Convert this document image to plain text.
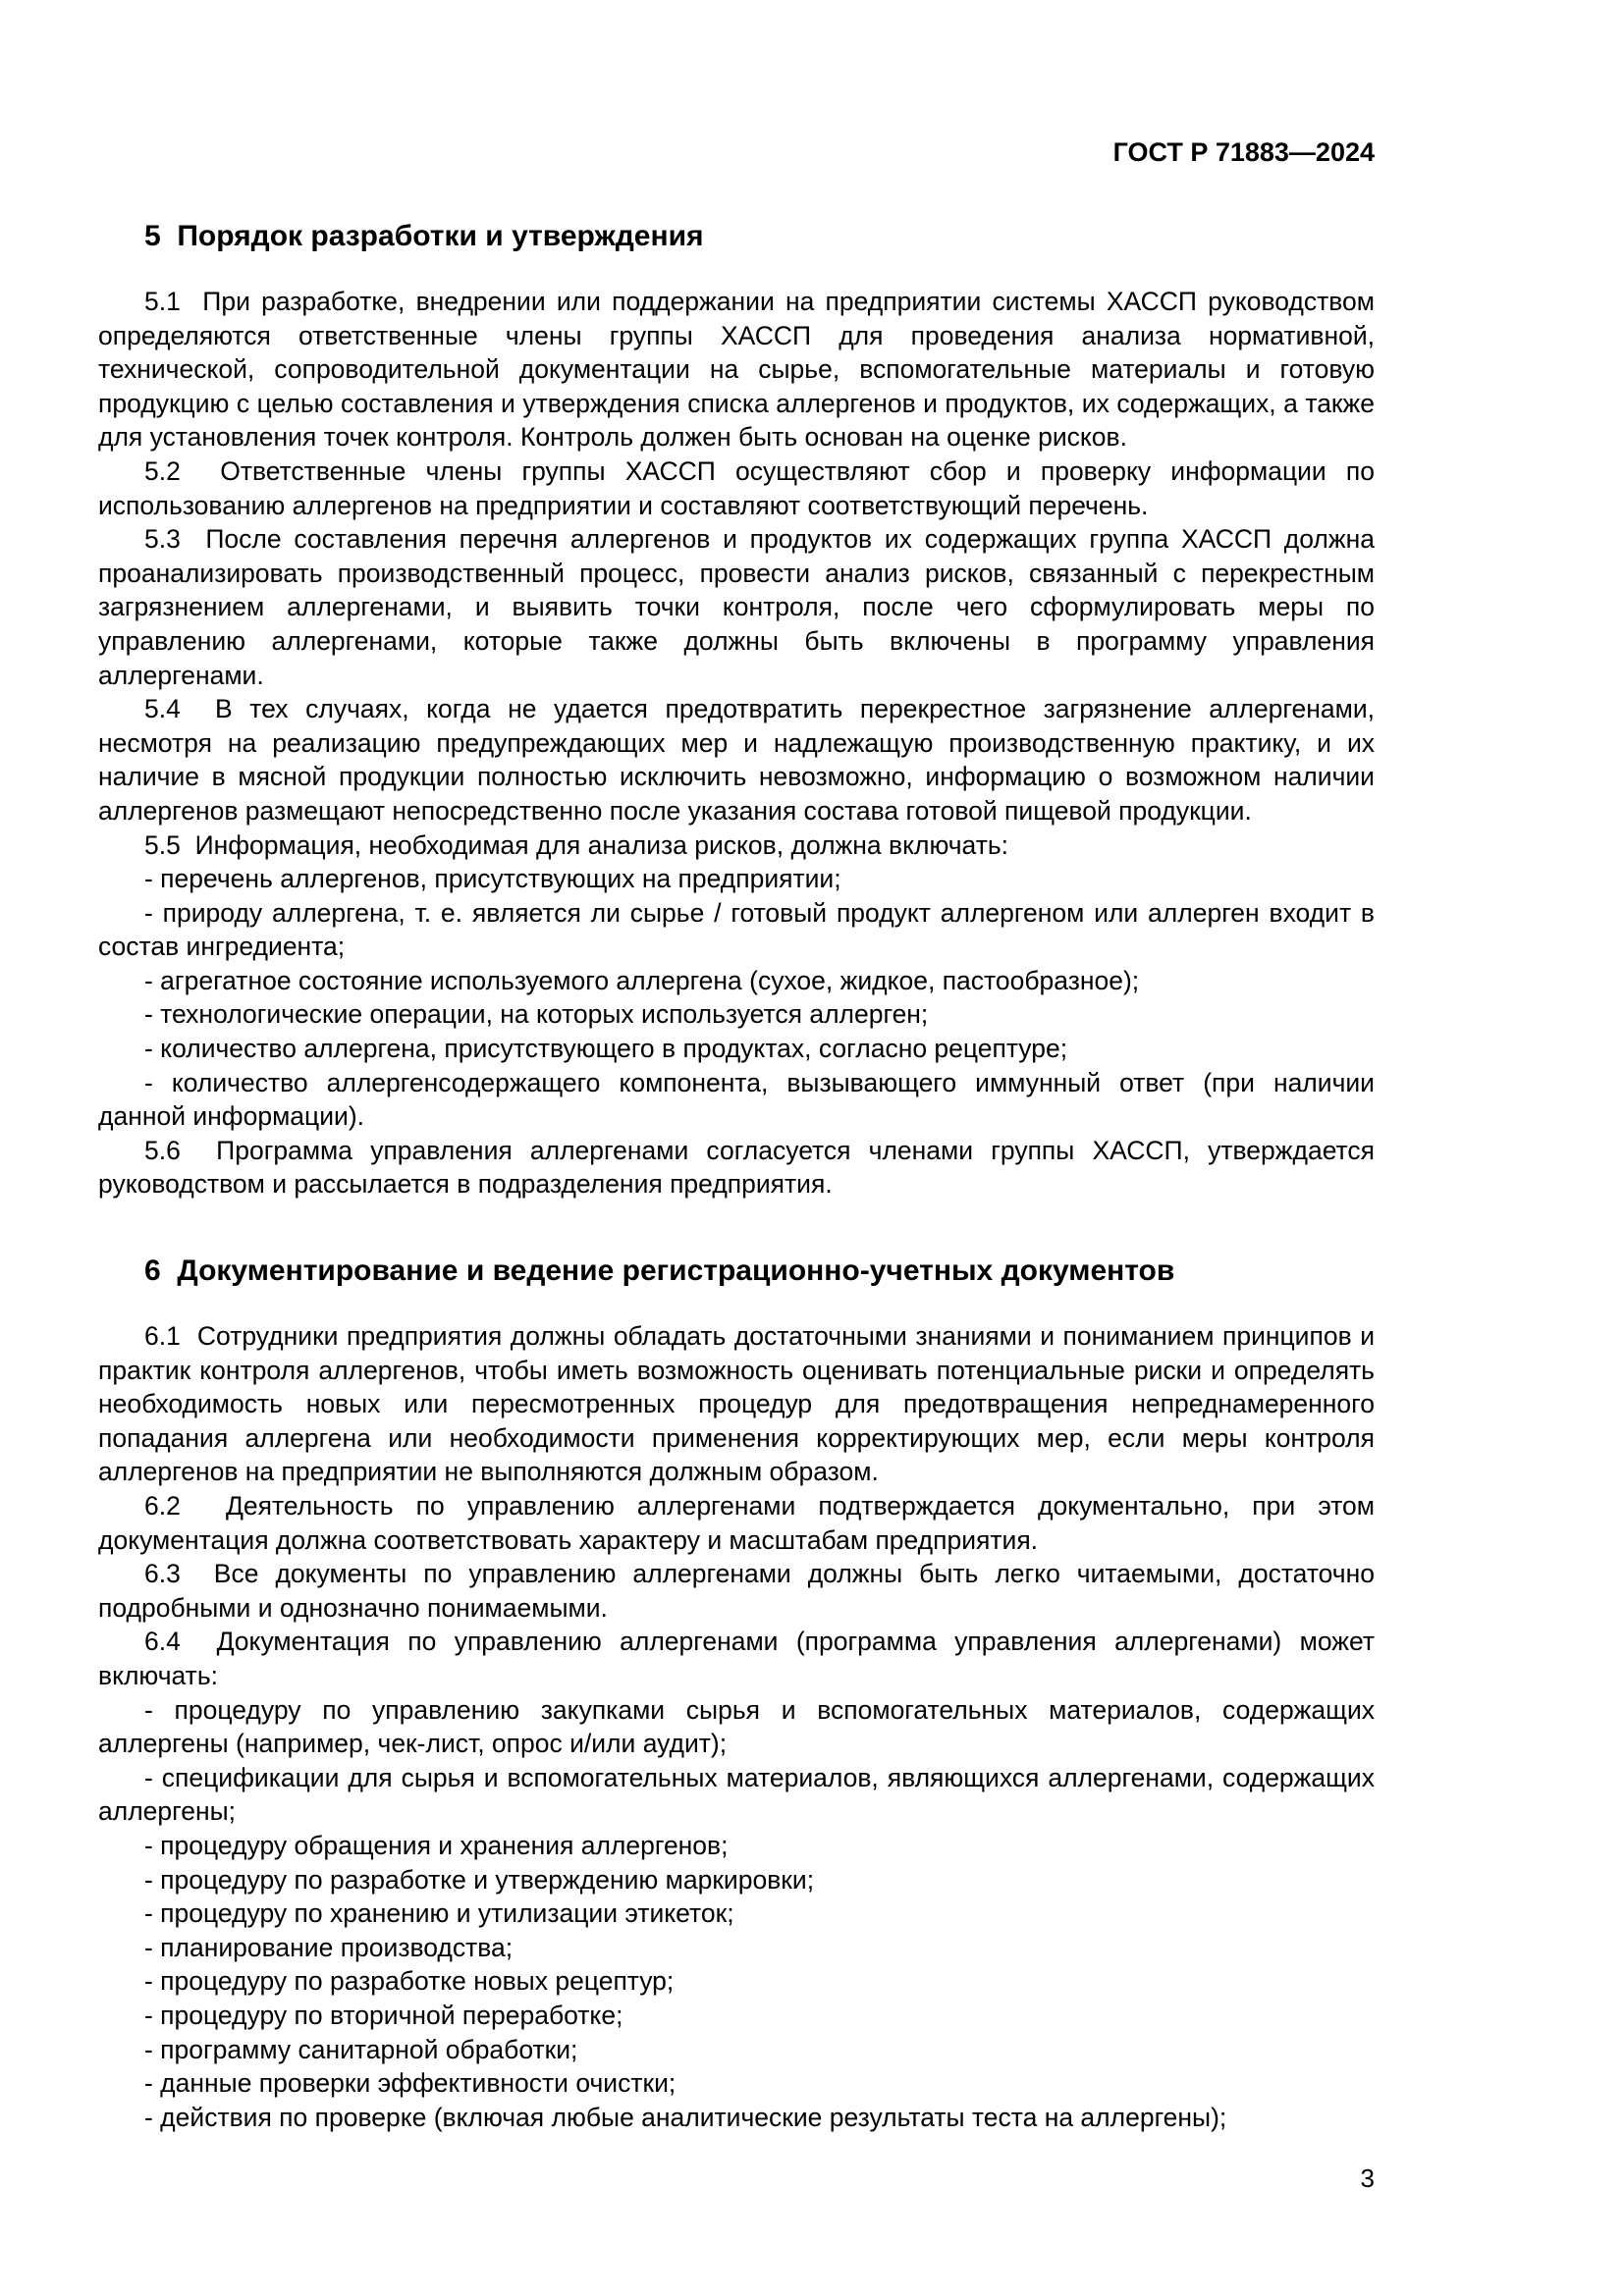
ГОСТ Р 71883—2024
5  Порядок разработки и утверждения

5.1  При разработке, внедрении или поддержании на предприятии системы ХАССП руководством определяются ответственные члены группы ХАССП для проведения анализа нормативной, технической, сопроводительной документации на сырье, вспомогательные материалы и готовую продукцию с целью составления и утверждения списка аллергенов и продуктов, их содержащих, а также для установления точек контроля. Контроль должен быть основан на оценке рисков.

5.2  Ответственные члены группы ХАССП осуществляют сбор и проверку информации по использованию аллергенов на предприятии и составляют соответствующий перечень.

5.3  После составления перечня аллергенов и продуктов их содержащих группа ХАССП должна проанализировать производственный процесс, провести анализ рисков, связанный с перекрестным загрязнением аллергенами, и выявить точки контроля, после чего сформулировать меры по управлению аллергенами, которые также должны быть включены в программу управления аллергенами.

5.4  В тех случаях, когда не удается предотвратить перекрестное загрязнение аллергенами, несмотря на реализацию предупреждающих мер и надлежащую производственную практику, и их наличие в мясной продукции полностью исключить невозможно, информацию о возможном наличии аллергенов размещают непосредственно после указания состава готовой пищевой продукции.

5.5  Информация, необходимая для анализа рисков, должна включать:

- перечень аллергенов, присутствующих на предприятии;

- природу аллергена, т. е. является ли сырье / готовый продукт аллергеном или аллерген входит в состав ингредиента;

- агрегатное состояние используемого аллергена (сухое, жидкое, пастообразное);

- технологические операции, на которых используется аллерген;

- количество аллергена, присутствующего в продуктах, согласно рецептуре;

- количество аллергенсодержащего компонента, вызывающего иммунный ответ (при наличии данной информации).

5.6  Программа управления аллергенами согласуется членами группы ХАССП, утверждается руководством и рассылается в подразделения предприятия.

6  Документирование и ведение регистрационно-учетных документов

6.1  Сотрудники предприятия должны обладать достаточными знаниями и пониманием принципов и практик контроля аллергенов, чтобы иметь возможность оценивать потенциальные риски и определять необходимость новых или пересмотренных процедур для предотвращения непреднамеренного попадания аллергена или необходимости применения корректирующих мер, если меры контроля аллергенов на предприятии не выполняются должным образом.

6.2  Деятельность по управлению аллергенами подтверждается документально, при этом документация должна соответствовать характеру и масштабам предприятия.

6.3  Все документы по управлению аллергенами должны быть легко читаемыми, достаточно подробными и однозначно понимаемыми.

6.4  Документация по управлению аллергенами (программа управления аллергенами) может включать:

- процедуру по управлению закупками сырья и вспомогательных материалов, содержащих аллергены (например, чек-лист, опрос и/или аудит);

- спецификации для сырья и вспомогательных материалов, являющихся аллергенами, содержащих аллергены;

- процедуру обращения и хранения аллергенов;

- процедуру по разработке и утверждению маркировки;

- процедуру по хранению и утилизации этикеток;

- планирование производства;

- процедуру по разработке новых рецептур;

- процедуру по вторичной переработке;

- программу санитарной обработки;

- данные проверки эффективности очистки;

- действия по проверке (включая любые аналитические результаты теста на аллергены);

3
